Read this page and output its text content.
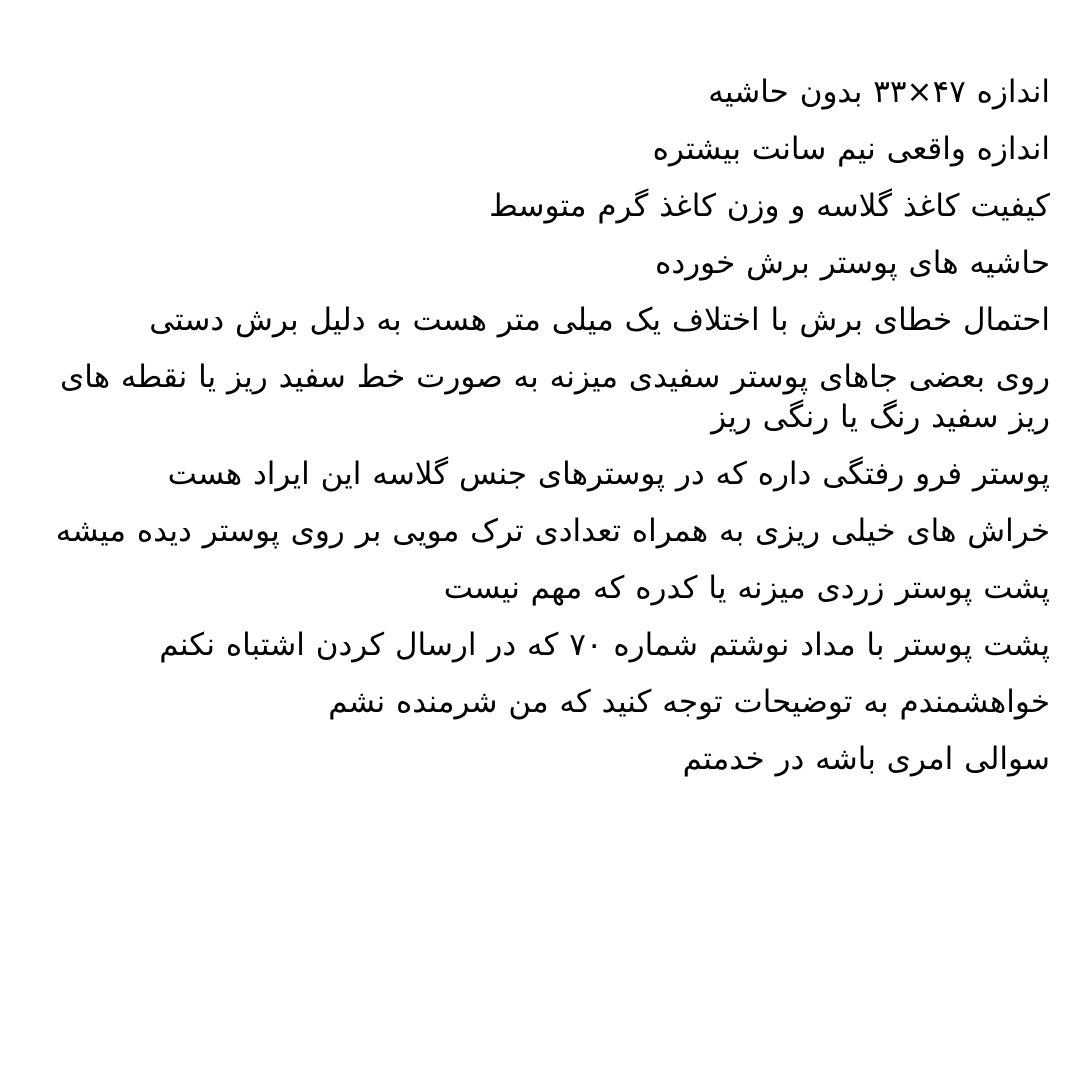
اندازه ۴۷×۳۳ بدون حاشیه
اندازه واقعی نیم سانت بیشتره
کیفیت کاغذ گلاسه و وزن کاغذ گرم متوسط
حاشیه های پوستر برش خورده
احتمال خطای برش با اختلاف یک میلی متر هست به دلیل برش دستی
روی بعضی جاهای پوستر سفیدی میزنه به صورت خط سفید ریز یا نقطه های ریز سفید رنگ یا رنگی ریز
پوستر فرو رفتگی داره که در پوسترهای جنس گلاسه این ایراد هست
خراش های خیلی ریزی به همراه تعدادی ترک مویی بر روی پوستر دیده میشه
پشت پوستر زردی میزنه یا کدره که مهم نیست
پشت پوستر با مداد نوشتم شماره ۷۰ که در ارسال کردن اشتباه نکنم
خواهشمندم به توضیحات توجه کنید که من شرمنده نشم
سوالی امری باشه در خدمتم
